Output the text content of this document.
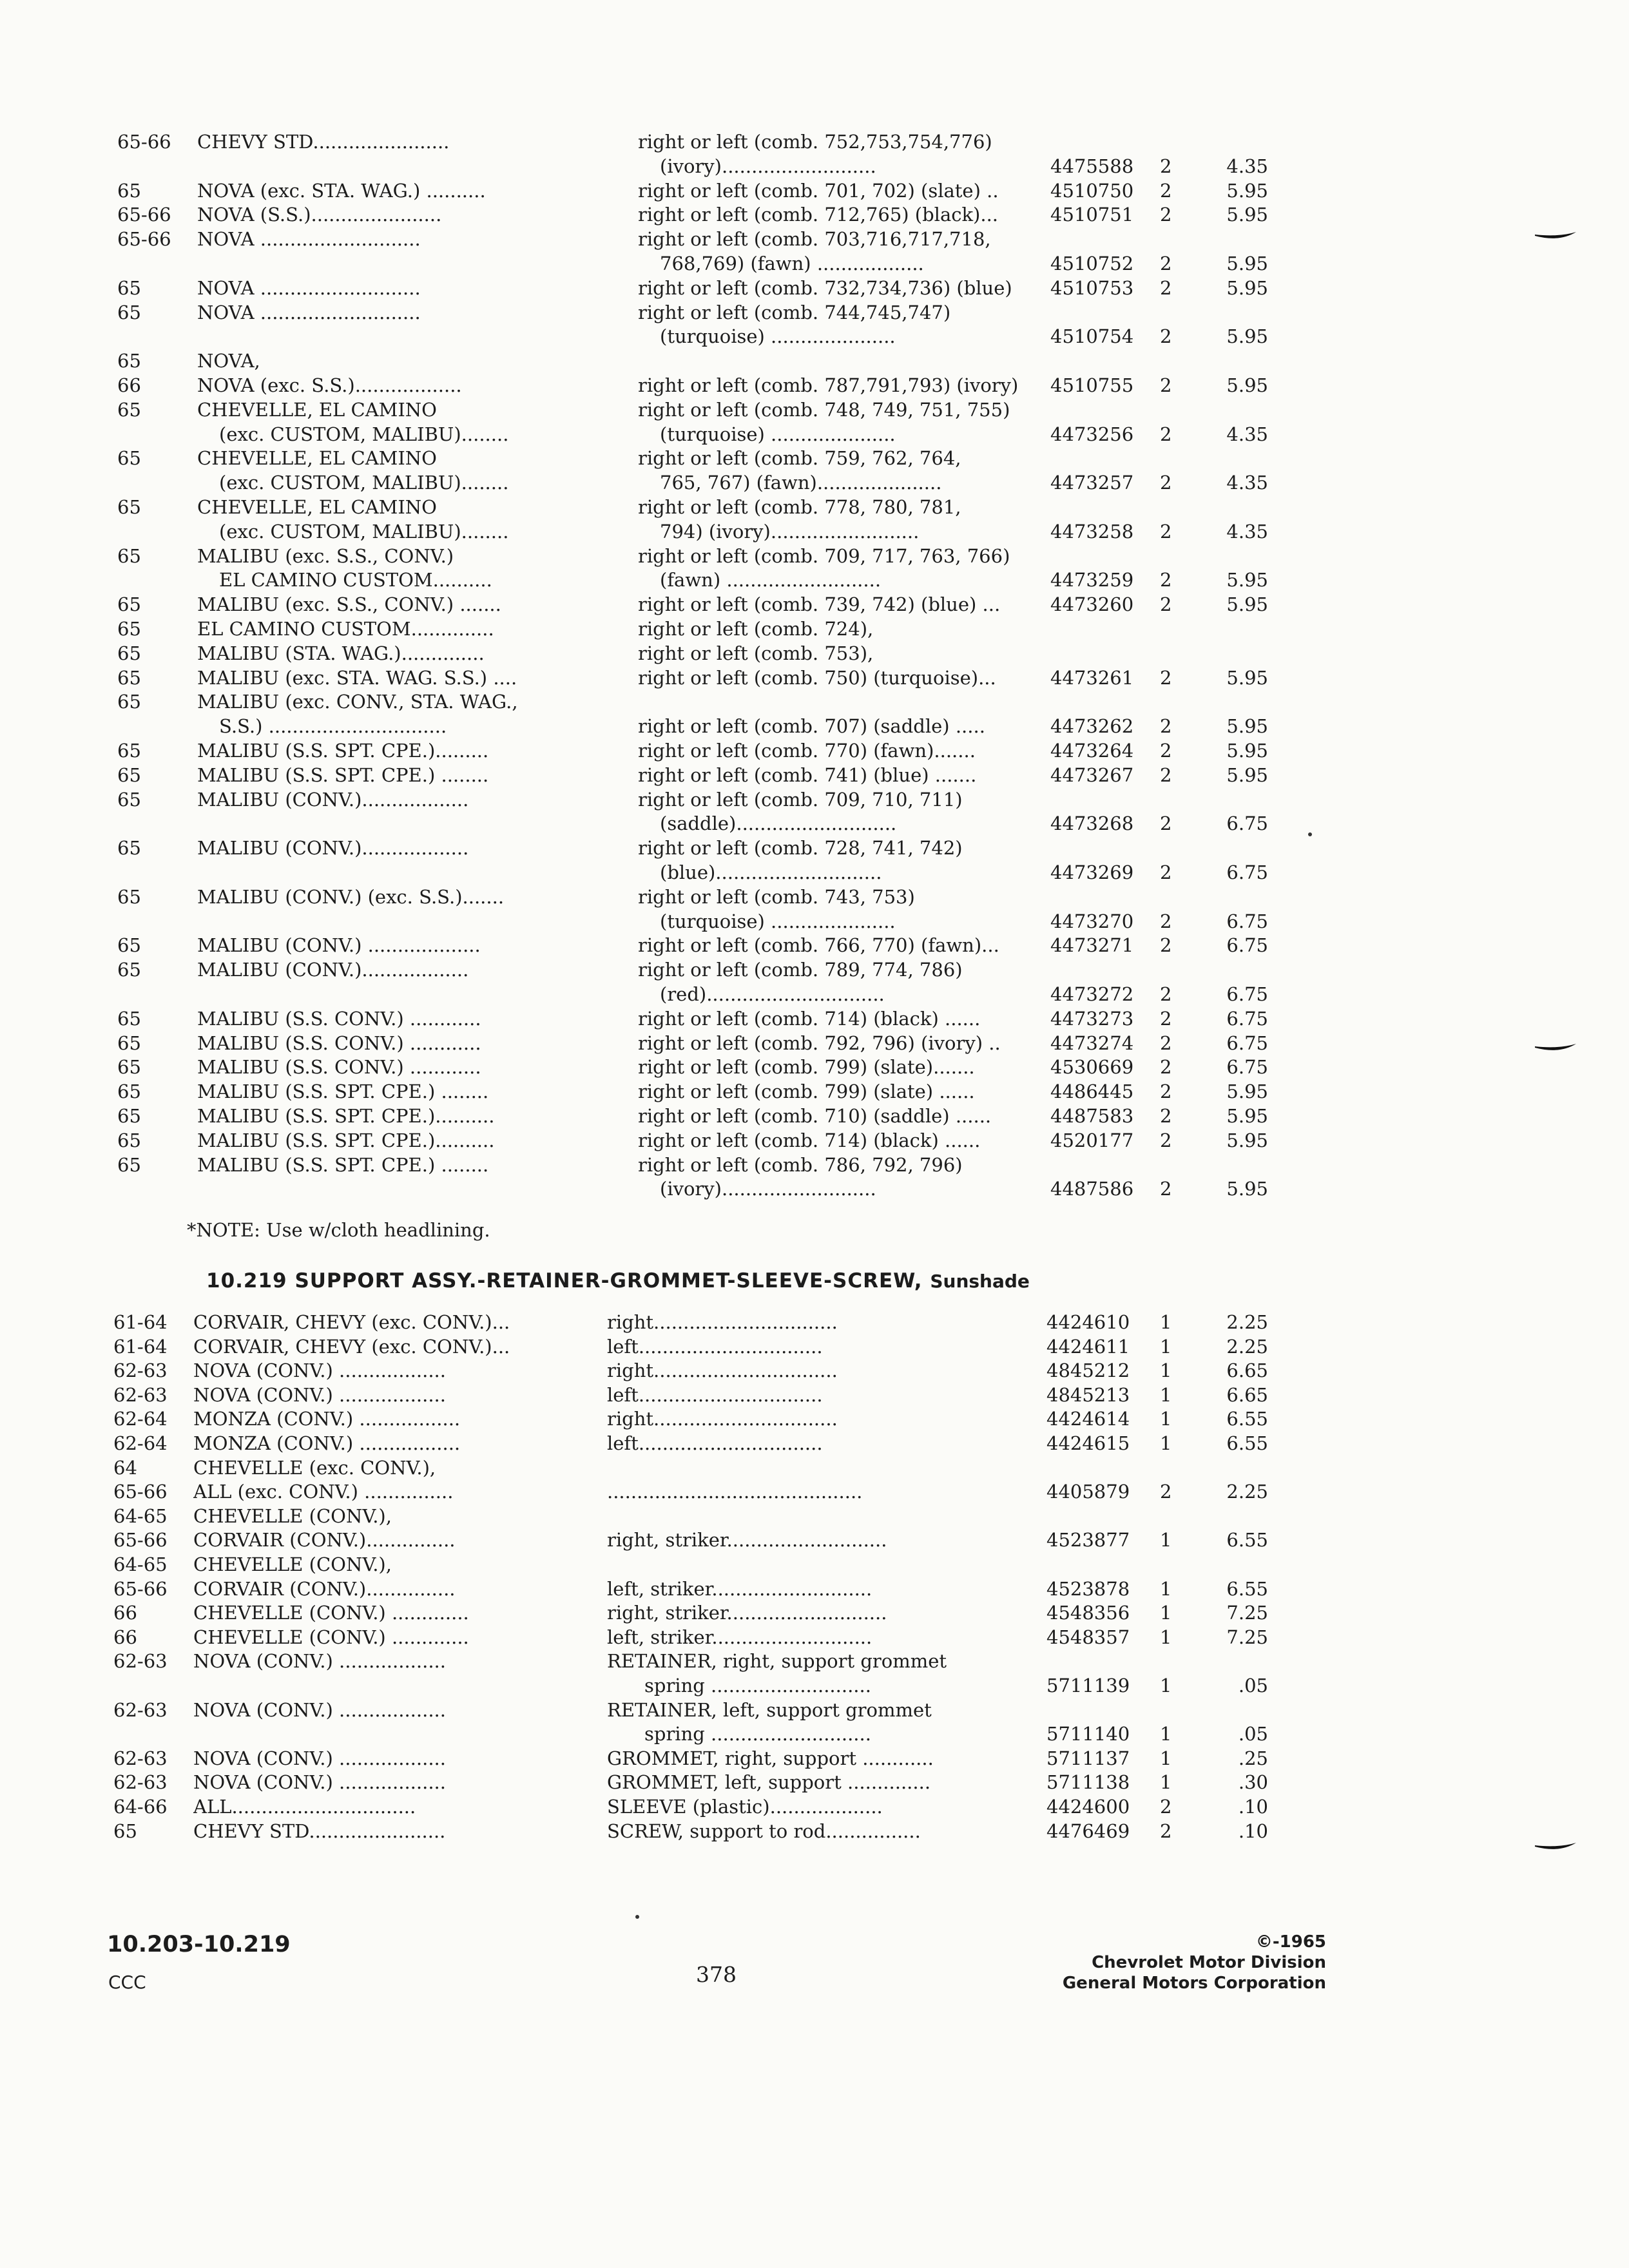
65-66 CHEVY STD.......................	right or left (comb. 752,753,754,776)
(ivory)..........................	4475588 2	4.35
65	NOVA (exc. STA. WAG.) ..........	right or left (comb. 701, 702) (slate) ..	4510750 2	5.95
65-66 NOVA (S.S.)......................	right or left (comb. 712,765) (black)...	4510751 2	5.95
65-66 NOVA ...........................	right or left (comb. 703,716,717,718,
768,769) (fawn) ..................	4510752 2	5.95
65	NOVA ...........................	right or left (comb. 732,734,736) (blue)	4510753 2	5.95
65	NOVA ...........................	right or left (comb. 744,745,747)
(turquoise) .....................	4510754 2	5.95
65	NOVA,
66	NOVA (exc. S.S.)..................	right or left (comb. 787,791,793) (ivory)	4510755 2	5.95
65	CHEVELLE, EL CAMINO	right or left (comb. 748, 749, 751, 755)
(exc. CUSTOM, MALIBU)........	(turquoise) .....................	4473256 2	4.35
65	CHEVELLE, EL CAMINO	right or left (comb. 759, 762, 764,
(exc. CUSTOM, MALIBU)........	765, 767) (fawn).....................	4473257 2	4.35
65	CHEVELLE, EL CAMINO	right or left (comb. 778, 780, 781,
(exc. CUSTOM, MALIBU)........	794) (ivory).........................	4473258 2	4.35
65	MALIBU (exc. S.S., CONV.)	right or left (comb. 709, 717, 763, 766)
EL CAMINO CUSTOM..........	(fawn) ..........................	4473259 2	5.95
65	MALIBU (exc. S.S., CONV.) .......	right or left (comb. 739, 742) (blue) ...	4473260 2	5.95
65	EL CAMINO CUSTOM..............	right or left (comb. 724),
65	MALIBU (STA. WAG.)..............	right or left (comb. 753),
65	MALIBU (exc. STA. WAG. S.S.) ....	right or left (comb. 750) (turquoise)...	4473261 2	5.95
65	MALIBU (exc. CONV., STA. WAG.,
S.S.) ..............................	right or left (comb. 707) (saddle) .....	4473262 2	5.95
65	MALIBU (S.S. SPT. CPE.).........	right or left (comb. 770) (fawn).......	4473264 2	5.95
65	MALIBU (S.S. SPT. CPE.) ........	right or left (comb. 741) (blue) .......	4473267 2	5.95
65	MALIBU (CONV.)..................	right or left (comb. 709, 710, 711)
(saddle)...........................	4473268 2	6.75
65	MALIBU (CONV.)..................	right or left (comb. 728, 741, 742)
(blue)............................	4473269 2	6.75
65	MALIBU (CONV.) (exc. S.S.).......	right or left (comb. 743, 753)
(turquoise) .....................	4473270 2	6.75
65	MALIBU (CONV.) ...................	right or left (comb. 766, 770) (fawn)...	4473271 2	6.75
65	MALIBU (CONV.)..................	right or left (comb. 789, 774, 786)
(red)..............................	4473272 2	6.75
65	MALIBU (S.S. CONV.) ............	right or left (comb. 714) (black) ......	4473273 2	6.75
65	MALIBU (S.S. CONV.) ............	right or left (comb. 792, 796) (ivory) ..	4473274 2	6.75
65	MALIBU (S.S. CONV.) ............	right or left (comb. 799) (slate).......	4530669 2	6.75
65	MALIBU (S.S. SPT. CPE.) ........	right or left (comb. 799) (slate) ......	4486445 2	5.95
65	MALIBU (S.S. SPT. CPE.)..........	right or left (comb. 710) (saddle) ......	4487583 2	5.95
65	MALIBU (S.S. SPT. CPE.)..........	right or left (comb. 714) (black) ......	4520177 2	5.95
65	MALIBU (S.S. SPT. CPE.) ........	right or left (comb. 786, 792, 796)
(ivory)..........................	4487586 2	5.95
*NOTE: Use w/cloth headlining.
10.219 SUPPORT ASSY.-RETAINER-GROMMET-SLEEVE-SCREW, Sunshade
61-64 CORVAIR, CHEVY (exc. CONV.)...	right...............................	4424610 1	2.25
61-64 CORVAIR, CHEVY (exc. CONV.)...	left...............................	4424611 1	2.25
62-63 NOVA (CONV.) ..................	right...............................	4845212 1	6.65
62-63 NOVA (CONV.) ..................	left...............................	4845213 1	6.65
62-64 MONZA (CONV.) .................	right...............................	4424614 1	6.55
62-64 MONZA (CONV.) .................	left...............................	4424615 1	6.55
64	CHEVELLE (exc. CONV.),
65-66 ALL (exc. CONV.) ...............	...........................................	4405879 2	2.25
64-65 CHEVELLE (CONV.),
65-66 CORVAIR (CONV.)...............	right, striker...........................	4523877 1	6.55
64-65 CHEVELLE (CONV.),
65-66 CORVAIR (CONV.)...............	left, striker...........................	4523878 1	6.55
66	CHEVELLE (CONV.) .............	right, striker...........................	4548356 1	7.25
66	CHEVELLE (CONV.) .............	left, striker...........................	4548357 1	7.25
62-63 NOVA (CONV.) ..................	RETAINER, right, support grommet
spring ...........................	5711139 1	.05
62-63 NOVA (CONV.) ..................	RETAINER, left, support grommet
spring ...........................	5711140 1	.05
62-63 NOVA (CONV.) ..................	GROMMET, right, support ............	5711137 1	.25
62-63 NOVA (CONV.) ..................	GROMMET, left, support ..............	5711138 1	.30
64-66 ALL...............................	SLEEVE (plastic)...................	4424600 2	.10
65	CHEVY STD.......................	SCREW, support to rod................	4476469 2	.10
10.203-10.219
CCC	378
©-1965
Chevrolet Motor Division
General Motors Corporation
